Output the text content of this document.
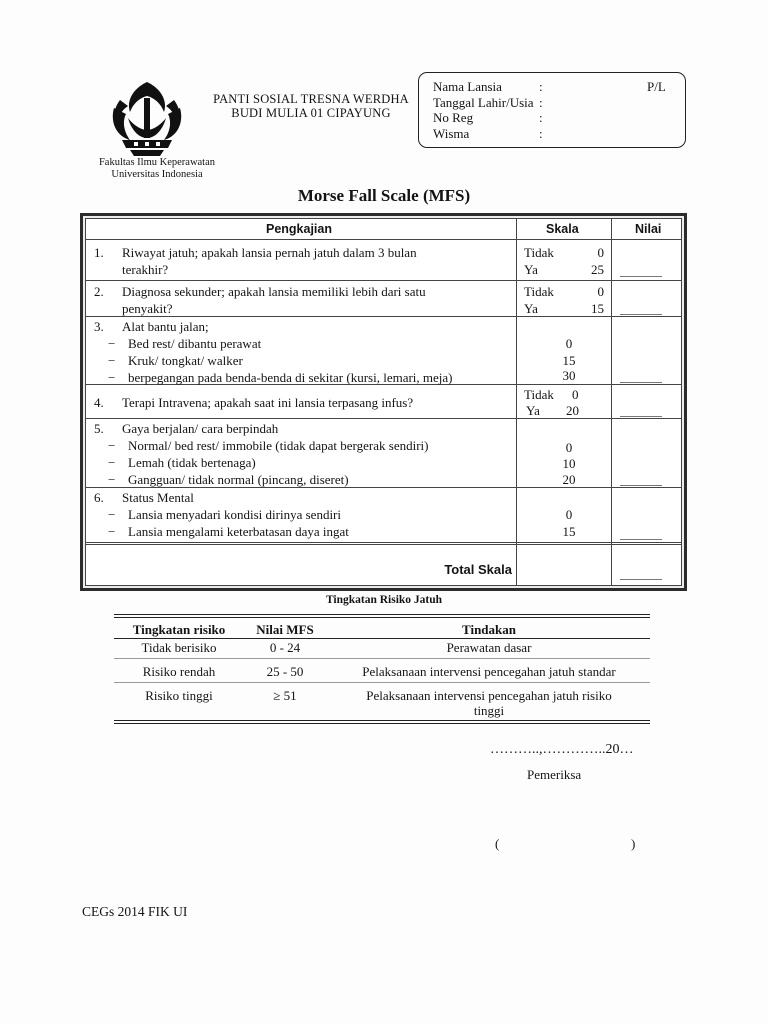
PANTI SOSIAL TRESNA WERDHA
BUDI MULIA 01 CIPAYUNG
Fakultas Ilmu Keperawatan
Universitas Indonesia
Nama Lansia	:	P/L
Tanggal Lahir/Usia :
No Reg	:
Wisma	:
Morse Fall Scale (MFS)
Pengkajian	Skala	Nilai
1. Riwayat jatuh; apakah lansia pernah jatuh dalam 3 bulan
terakhir?
Tidak	0
Ya	25
2. Diagnosa sekunder; apakah lansia memiliki lebih dari satu
penyakit?
Tidak	0
Ya	15
3. Alat bantu jalan;
− Bed rest/ dibantu perawat	0
− Kruk/ tongkat/ walker	15
− berpegangan pada benda-benda di sekitar (kursi, lemari, meja)	30
4. Terapi Intravena; apakah saat ini lansia terpasang infus?
Tidak	0
Ya	20
5. Gaya berjalan/ cara berpindah
− Normal/ bed rest/ immobile (tidak dapat bergerak sendiri)	0
− Lemah (tidak bertenaga)	10
− Gangguan/ tidak normal (pincang, diseret)	20
6. Status Mental
− Lansia menyadari kondisi dirinya sendiri	0
− Lansia mengalami keterbatasan daya ingat	15
Total Skala
Tingkatan Risiko Jatuh
Tingkatan risiko	Nilai MFS	Tindakan
Tidak berisiko	0 - 24	Perawatan dasar
Risiko rendah	25 - 50	Pelaksanaan intervensi pencegahan jatuh standar
Risiko tinggi	≥ 51	Pelaksanaan intervensi pencegahan jatuh risiko
tinggi
………..,…………..20…
Pemeriksa
(	)
CEGs 2014 FIK UI
